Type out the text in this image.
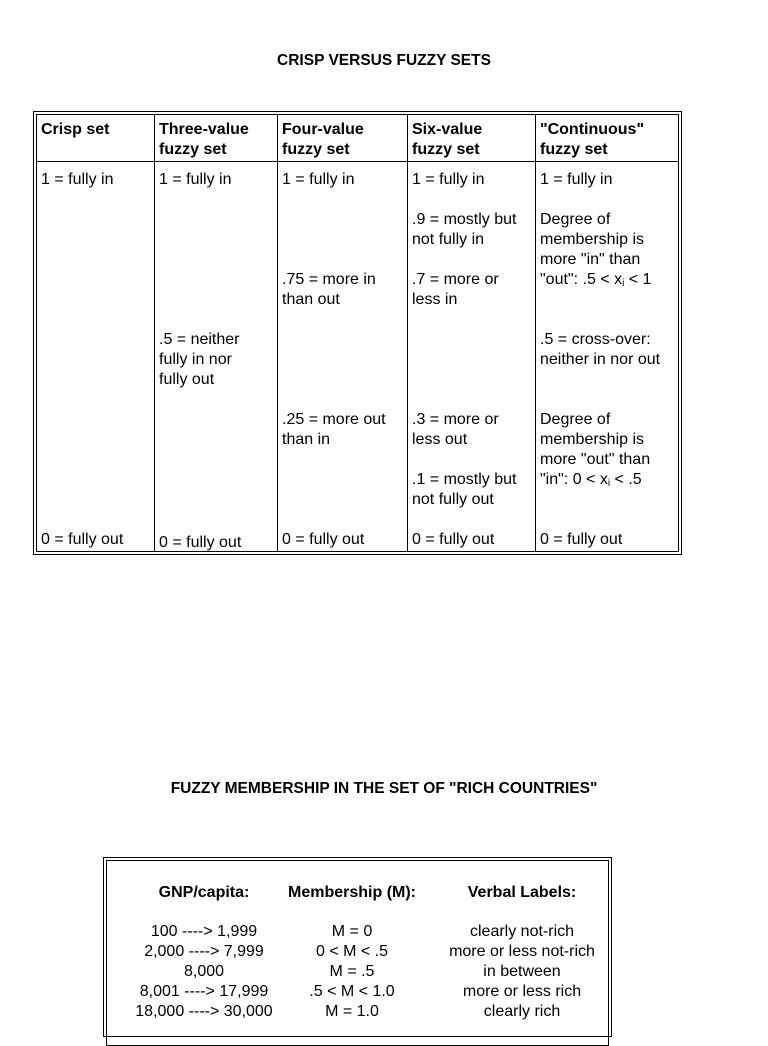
CRISP VERSUS FUZZY SETS
Crisp set
1 = fully in
0 = fully out
Three-value
fuzzy set
1 = fully in
.5 = neither
fully in nor
fully out
0 = fully out
Four-value
fuzzy set
1 = fully in
.75 = more in
than out
.25 = more out
than in
0 = fully out
Six-value
fuzzy set
1 = fully in
.9 = mostly but
not fully in
.7 = more or
less in
.3 = more or
less out
.1 = mostly but
not fully out
0 = fully out
"Continuous"
fuzzy set
1 = fully in
Degree of
membership is
more "in" than
"out": $.5 < x_i < 1$
.5 = cross-over:
neither in nor out
Degree of
membership is
more "out" than
"in": $0 < x_i < .5$
0 = fully out
FUZZY MEMBERSHIP IN THE SET OF "RICH COUNTRIES"
GNP/capita:
100 ----> 1,999
2,000 ----> 7,999
8,000
8,001 ----> 17,999
18,000 ----> 30,000
Membership (M):
M = 0
0 < M < .5
M = .5
.5 < M < 1.0
M = 1.0
Verbal Labels:
clearly not-rich
more or less not-rich
in between
more or less rich
clearly rich
